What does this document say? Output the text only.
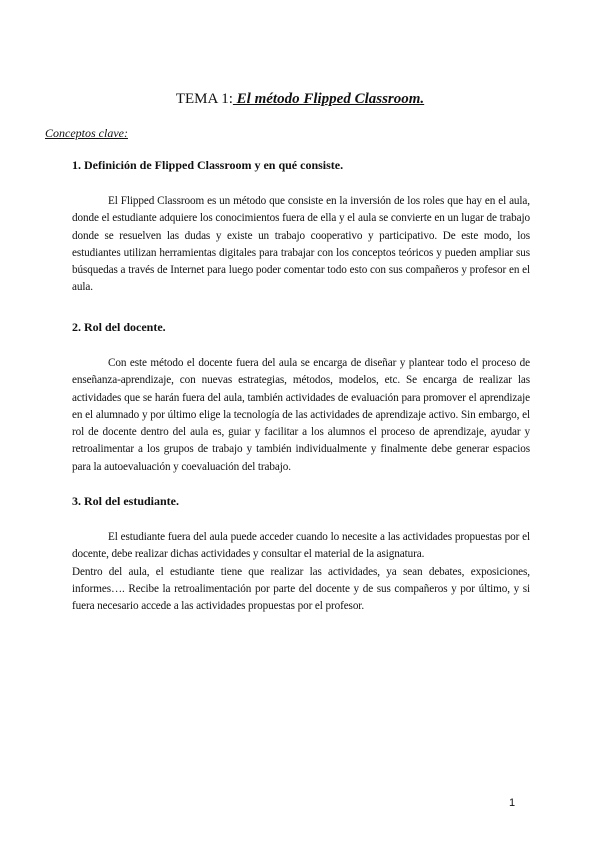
TEMA 1: El método Flipped Classroom.

Conceptos clave:

1. Definición de Flipped Classroom y en qué consiste.

El Flipped Classroom es un método que consiste en la inversión de los roles que hay en el aula, donde el estudiante adquiere los conocimientos fuera de ella y el aula se convierte en un lugar de trabajo donde se resuelven las dudas y existe un trabajo cooperativo y participativo. De este modo, los estudiantes utilizan herramientas digitales para trabajar con los conceptos teóricos y pueden ampliar sus búsquedas a través de Internet para luego poder comentar todo esto con sus compañeros y profesor en el aula.

2. Rol del docente.

Con este método el docente fuera del aula se encarga de diseñar y plantear todo el proceso de enseñanza-aprendizaje, con nuevas estrategias, métodos, modelos, etc. Se encarga de realizar las actividades que se harán fuera del aula, también actividades de evaluación para promover el aprendizaje en el alumnado y por último elige la tecnología de las actividades de aprendizaje activo. Sin embargo, el rol de docente dentro del aula es, guiar y facilitar a los alumnos el proceso de aprendizaje, ayudar y retroalimentar a los grupos de trabajo y también individualmente y finalmente debe generar espacios para la autoevaluación y coevaluación del trabajo.

3. Rol del estudiante.

El estudiante fuera del aula puede acceder cuando lo necesite a las actividades propuestas por el docente, debe realizar dichas actividades y consultar el material de la asignatura.

Dentro del aula, el estudiante tiene que realizar las actividades, ya sean debates, exposiciones, informes…. Recibe la retroalimentación por parte del docente y de sus compañeros y por último, y si fuera necesario accede a las actividades propuestas por el profesor.

1
